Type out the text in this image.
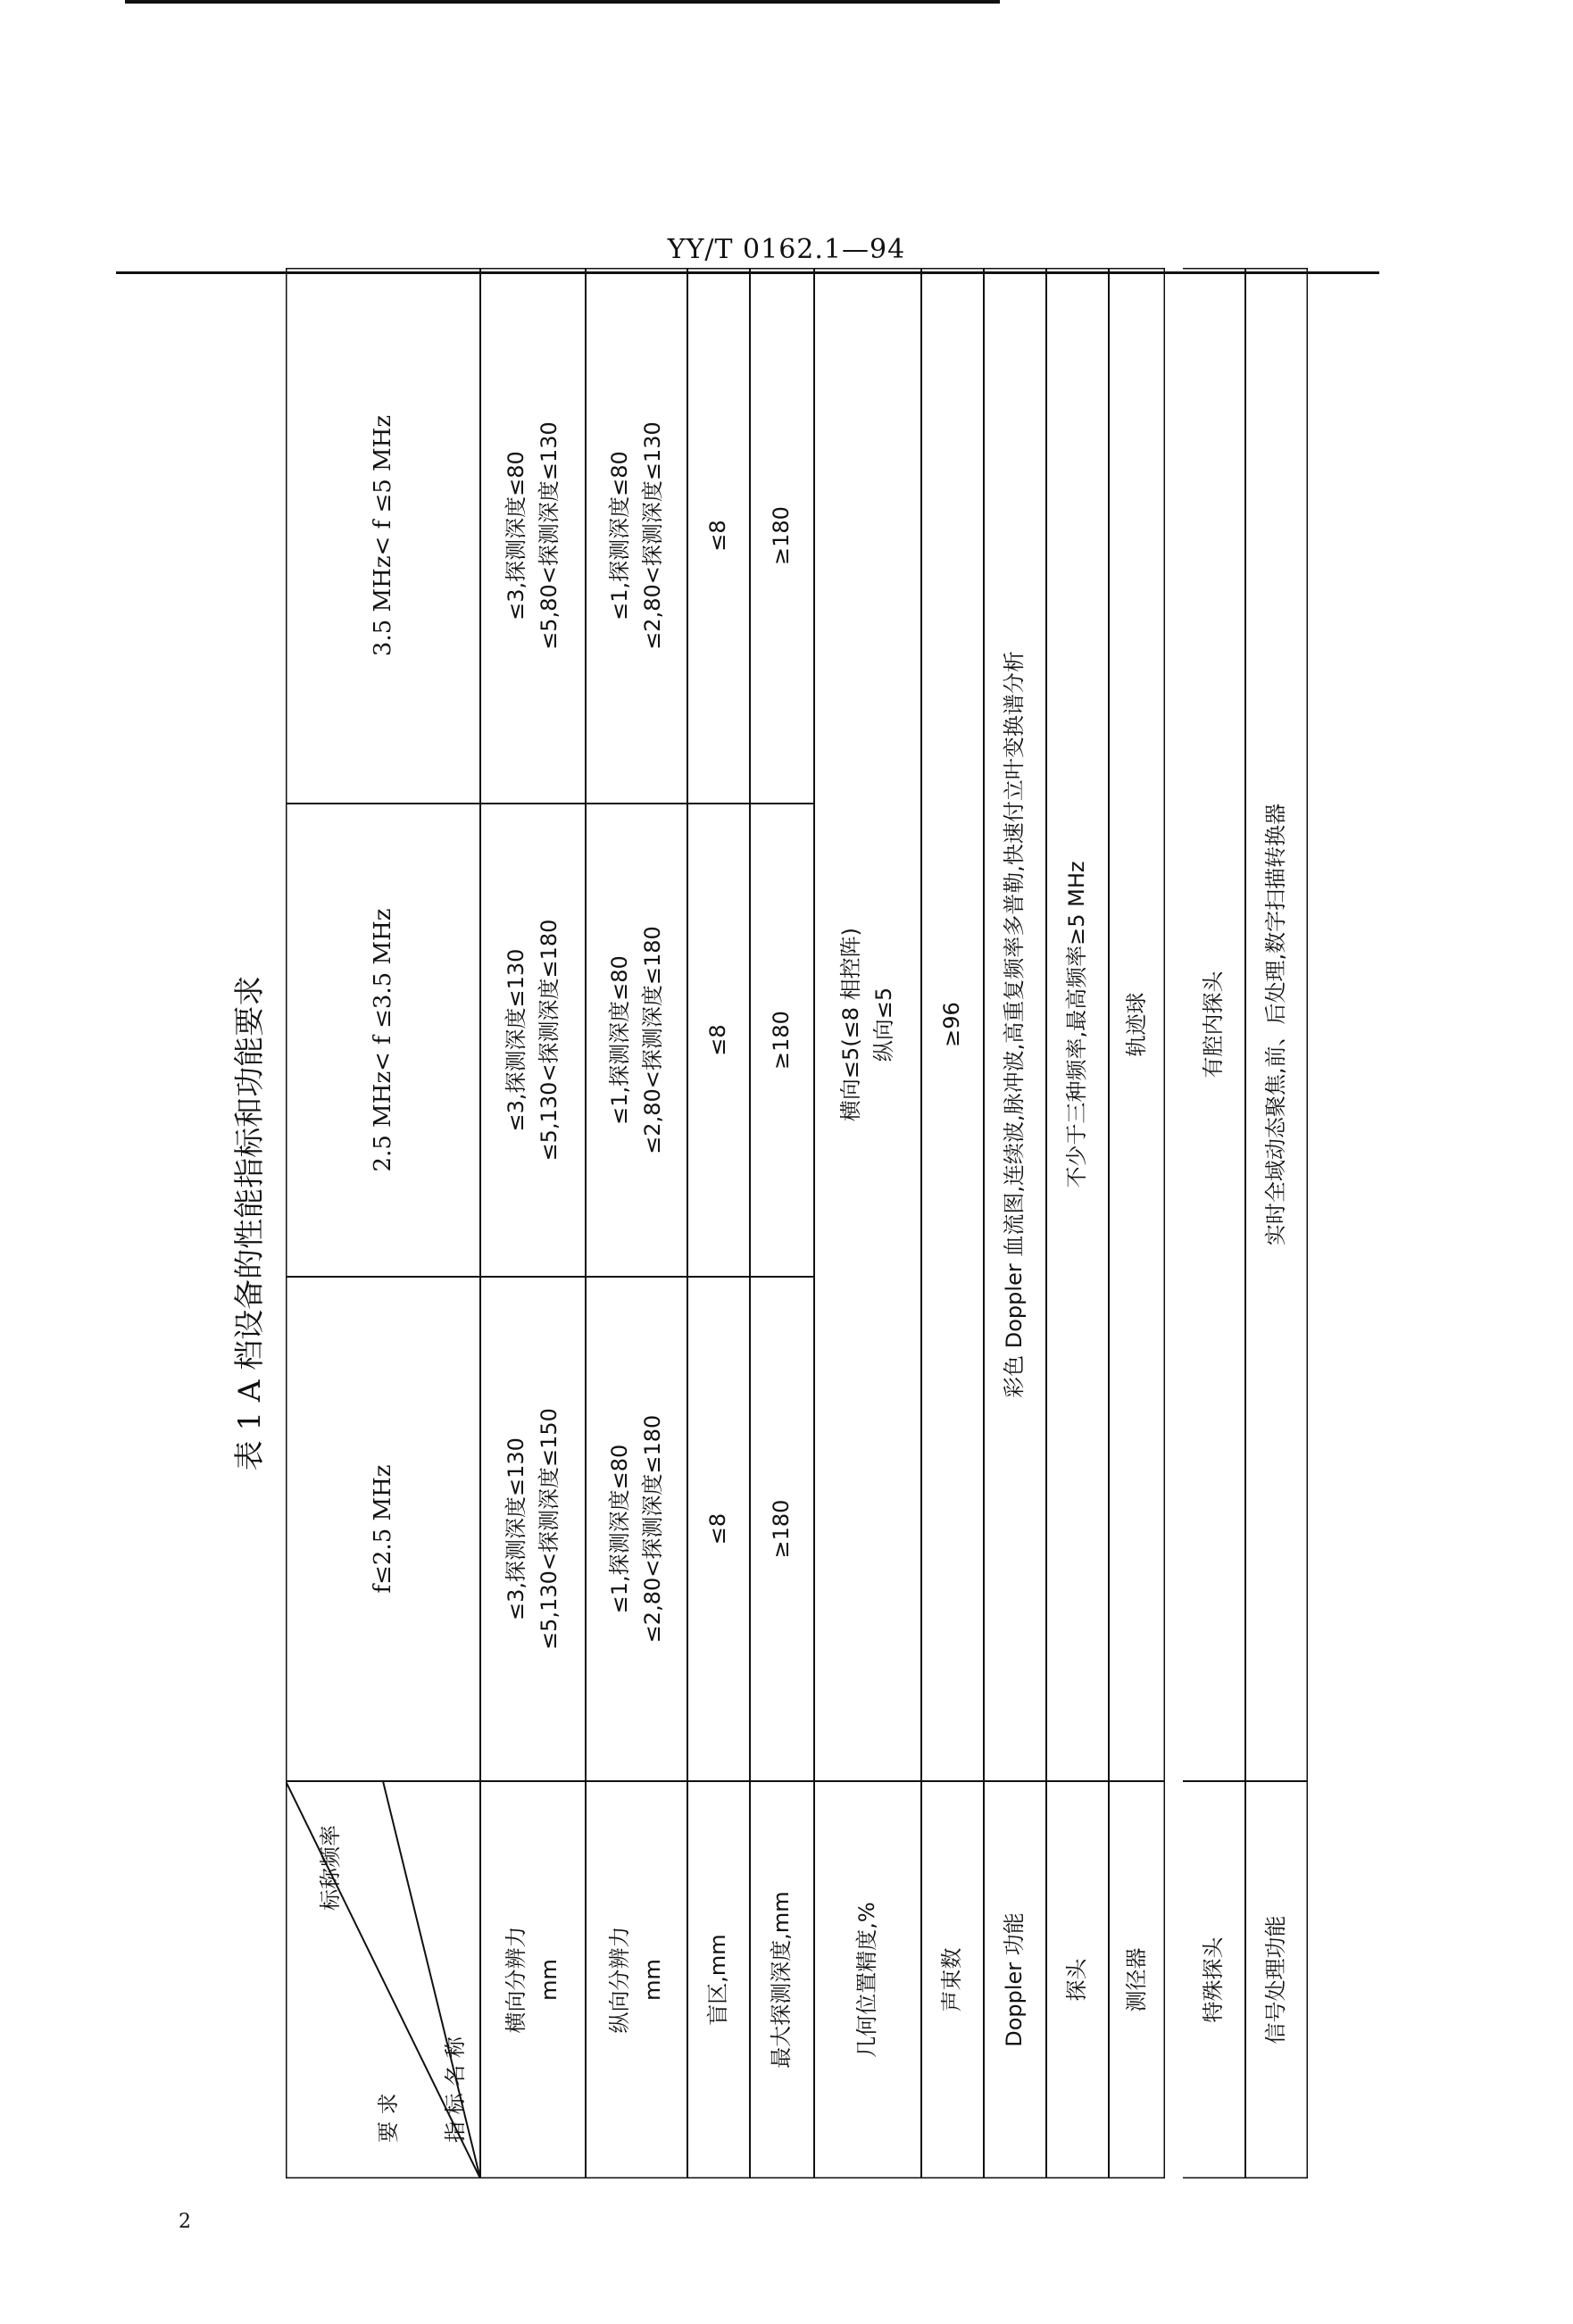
YY/T 0162.1—94
表 1 A 档设备的性能指标和功能要求
标称频率
要 求 指 标 名 称
f≤2.5 MHz
2.5 MHz< f ≤3.5 MHz
3.5 MHz< f ≤5 MHz
横向分辨力 mm
≤3,探测深度≤130 ≤5,130<探测深度≤150
≤3,探测深度≤130 ≤5,130<探测深度≤180
≤3,探测深度≤80 ≤5,80<探测深度≤130
纵向分辨力 mm
≤1,探测深度≤80 ≤2,80<探测深度≤180
≤1,探测深度≤80 ≤2,80<探测深度≤180
≤1,探测深度≤80 ≤2,80<探测深度≤130
盲区,mm
≤8
≤8
≤8
最大探测深度,mm
≥180
≥180
≥180
几何位置精度,%
横向≤5(≤8 相控阵) 纵向≤5
声束数
≥96
Doppler 功能
彩色 Doppler 血流图,连续波,脉冲波,高重复频率多普勒,快速付立叶变换谱分析
探头
不少于三种频率,最高频率≥5 MHz
测径器
轨迹球
特殊探头
有腔内探头
信号处理功能
实时全域动态聚焦,前、后处理,数字扫描转换器
2
